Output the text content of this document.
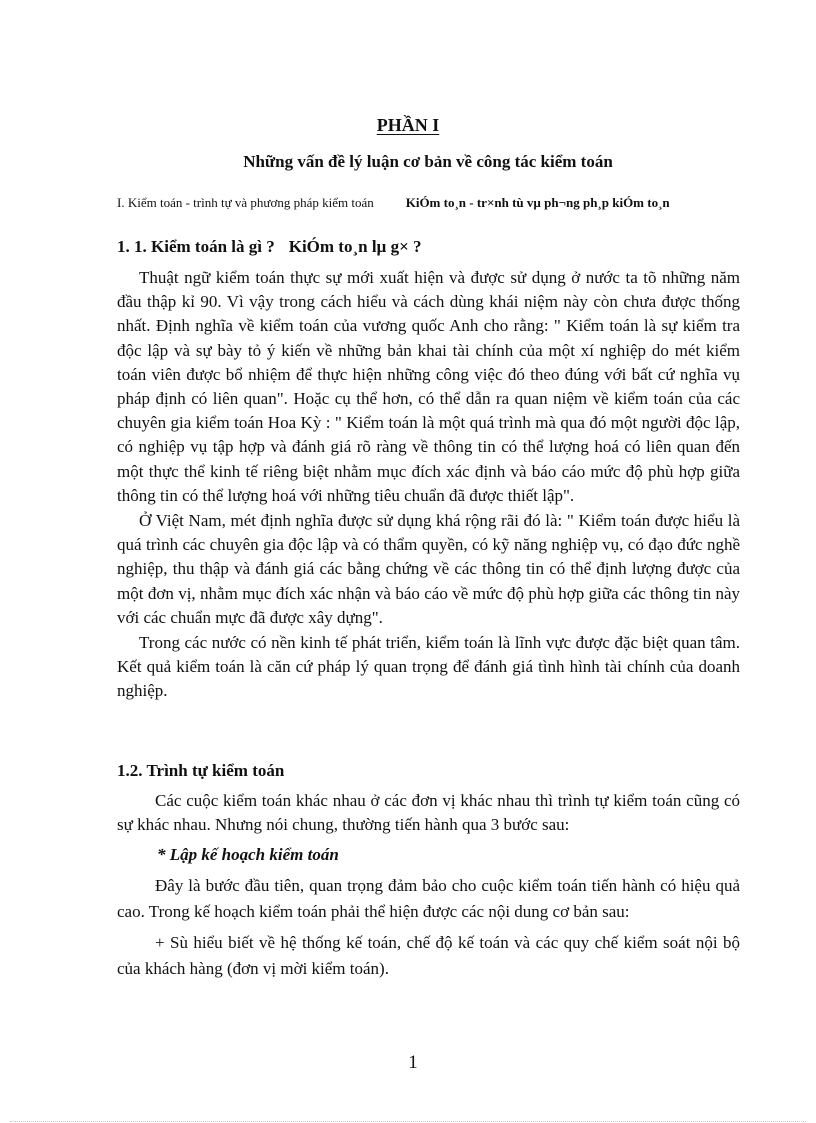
PHẦN I
Những vấn đề lý luận cơ bản về công tác kiểm toán
I. Kiểm toán - trình tự và phương pháp kiểm toán KiÓm to¸n - tr×nh tù vµ ph¬ng ph¸p kiÓm to¸n
1. 1. Kiểm toán là gì ? KiÓm to¸n lµ g× ?

Thuật ngữ kiểm toán thực sự mới xuất hiện và được sử dụng ở nước ta tõ những năm đầu thập kỉ 90. Vì vậy trong cách hiểu và cách dùng khái niệm này còn chưa được thống nhất. Định nghĩa về kiểm toán của vương quốc Anh cho rằng: " Kiểm toán là sự kiểm tra độc lập và sự bày tỏ ý kiến về những bản khai tài chính của một xí nghiệp do mét kiểm toán viên được bổ nhiệm để thực hiện những công việc đó theo đúng với bất cứ nghĩa vụ pháp định có liên quan". Hoặc cụ thể hơn, có thể dẫn ra quan niệm về kiểm toán của các chuyên gia kiểm toán Hoa Kỳ : " Kiểm toán là một quá trình mà qua đó một người độc lập, có nghiệp vụ tập hợp và đánh giá rõ ràng về thông tin có thể lượng hoá có liên quan đến một thực thể kinh tế riêng biệt nhằm mục đích xác định và báo cáo mức độ phù hợp giữa thông tin có thể lượng hoá với những tiêu chuẩn đã được thiết lập".

Ở Việt Nam, mét định nghĩa được sử dụng khá rộng rãi đó là: " Kiểm toán được hiểu là quá trình các chuyên gia độc lập và có thẩm quyền, có kỹ năng nghiệp vụ, có đạo đức nghề nghiệp, thu thập và đánh giá các bằng chứng về các thông tin có thể định lượng được của một đơn vị, nhằm mục đích xác nhận và báo cáo về mức độ phù hợp giữa các thông tin này với các chuẩn mực đã được xây dựng".

Trong các nước có nền kinh tế phát triển, kiểm toán là lĩnh vực được đặc biệt quan tâm. Kết quả kiểm toán là căn cứ pháp lý quan trọng để đánh giá tình hình tài chính của doanh nghiệp.

1.2. Trình tự kiểm toán

Các cuộc kiểm toán khác nhau ở các đơn vị khác nhau thì trình tự kiểm toán cũng có sự khác nhau. Nhưng nói chung, thường tiến hành qua 3 bước sau:

* Lập kế hoạch kiểm toán

Đây là bước đầu tiên, quan trọng đảm bảo cho cuộc kiểm toán tiến hành có hiệu quả cao. Trong kế hoạch kiểm toán phải thể hiện được các nội dung cơ bản sau:

+ Sù hiểu biết về hệ thống kế toán, chế độ kế toán và các quy chế kiểm soát nội bộ của khách hàng (đơn vị mời kiểm toán).

1
